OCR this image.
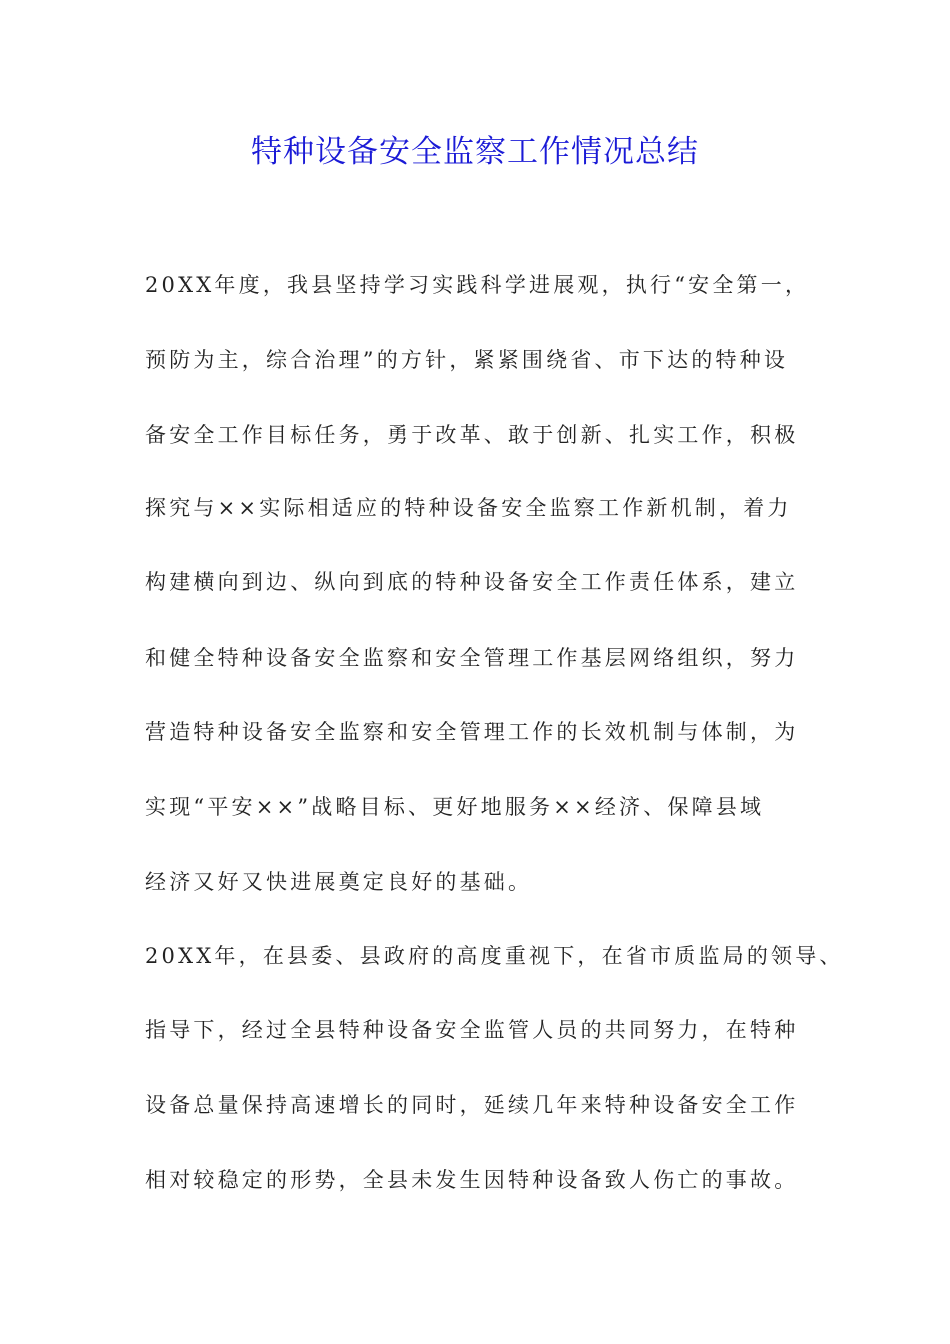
特种设备安全监察工作情况总结
20XX年度，我县坚持学习实践科学进展观，执行“安全第一，
预防为主，综合治理”的方针，紧紧围绕省、市下达的特种设
备安全工作目标任务，勇于改革、敢于创新、扎实工作，积极
探究与××实际相适应的特种设备安全监察工作新机制，着力
构建横向到边、纵向到底的特种设备安全工作责任体系，建立
和健全特种设备安全监察和安全管理工作基层网络组织，努力
营造特种设备安全监察和安全管理工作的长效机制与体制，为
实现“平安××”战略目标、更好地服务××经济、保障县域
经济又好又快进展奠定良好的基础。
20XX年，在县委、县政府的高度重视下，在省市质监局的领导、
指导下，经过全县特种设备安全监管人员的共同努力，在特种
设备总量保持高速增长的同时，延续几年来特种设备安全工作
相对较稳定的形势，全县未发生因特种设备致人伤亡的事故。
